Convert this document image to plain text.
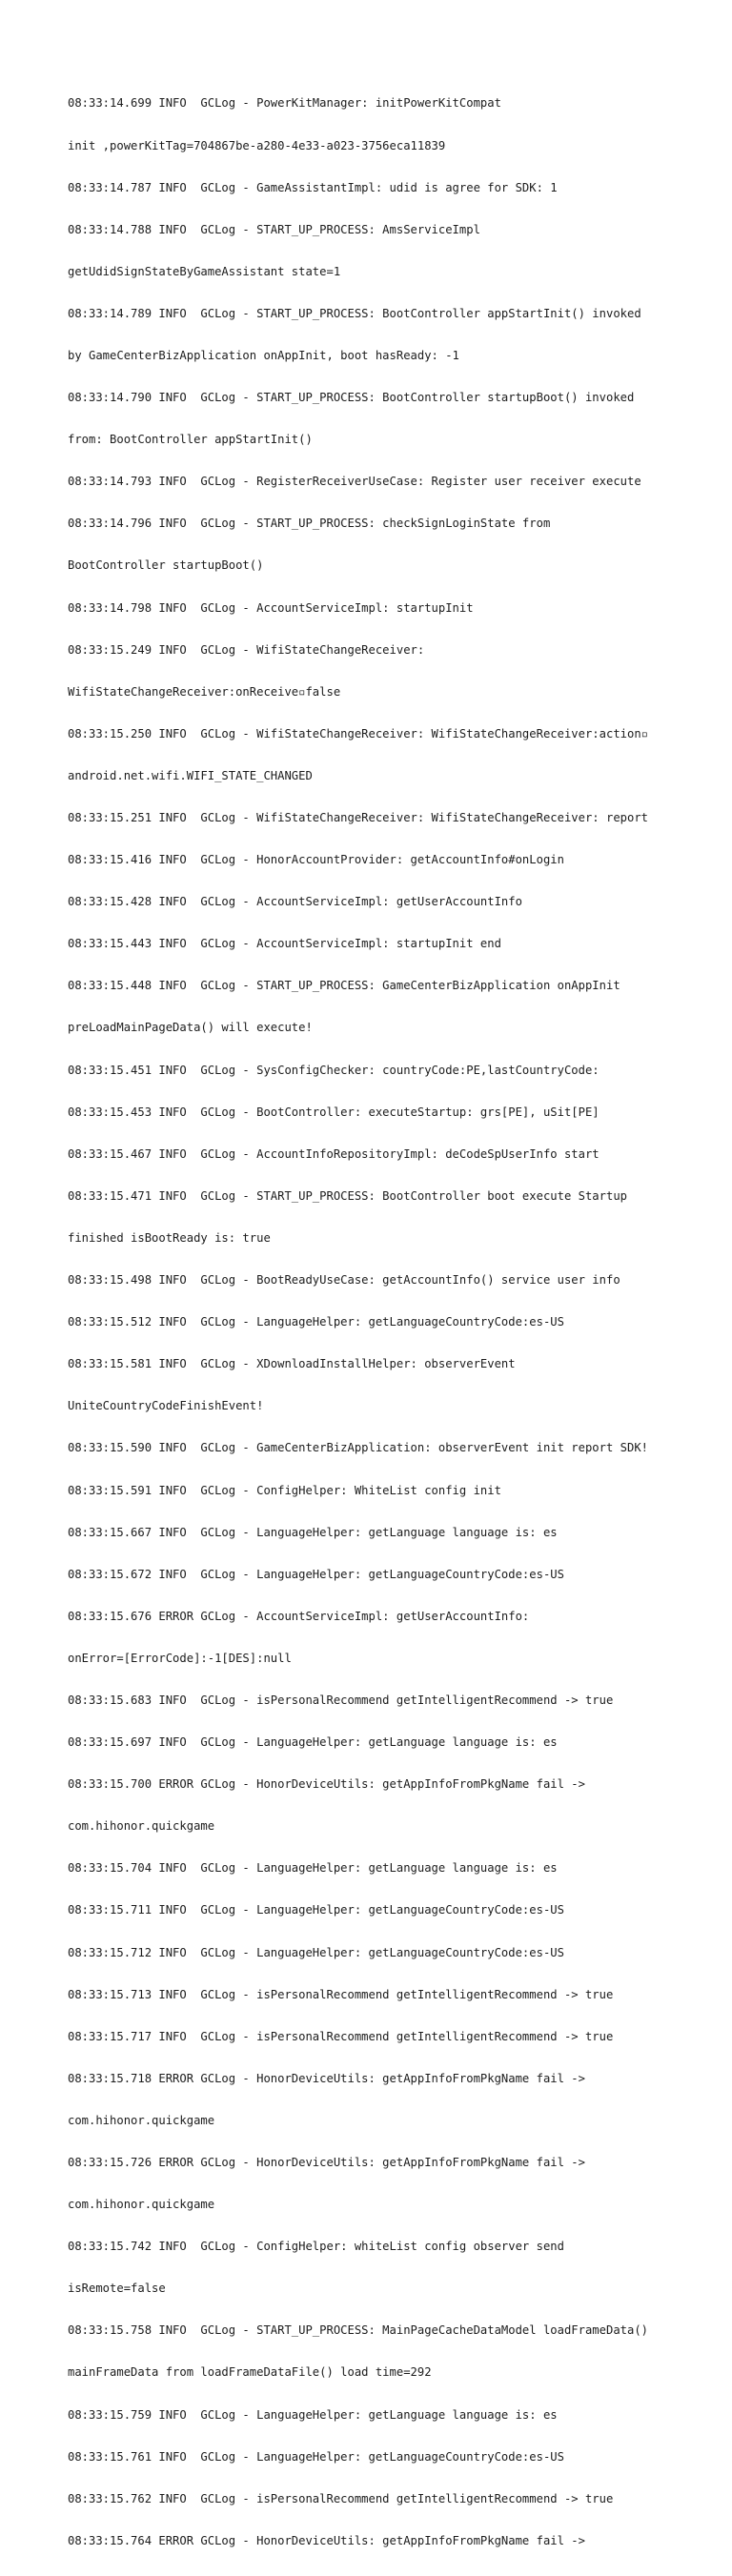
08:33:14.699 INFO  GCLog - PowerKitManager: initPowerKitCompat

init ,powerKitTag=704867be-a280-4e33-a023-3756eca11839

08:33:14.787 INFO  GCLog - GameAssistantImpl: udid is agree for SDK: 1

08:33:14.788 INFO  GCLog - START_UP_PROCESS: AmsServiceImpl

getUdidSignStateByGameAssistant state=1

08:33:14.789 INFO  GCLog - START_UP_PROCESS: BootController appStartInit() invoked

by GameCenterBizApplication onAppInit, boot hasReady: -1

08:33:14.790 INFO  GCLog - START_UP_PROCESS: BootController startupBoot() invoked

from: BootController appStartInit()

08:33:14.793 INFO  GCLog - RegisterReceiverUseCase: Register user receiver execute

08:33:14.796 INFO  GCLog - START_UP_PROCESS: checkSignLoginState from

BootController startupBoot()

08:33:14.798 INFO  GCLog - AccountServiceImpl: startupInit

08:33:15.249 INFO  GCLog - WifiStateChangeReceiver:

WifiStateChangeReceiver:onReceive▫false

08:33:15.250 INFO  GCLog - WifiStateChangeReceiver: WifiStateChangeReceiver:action▫

android.net.wifi.WIFI_STATE_CHANGED

08:33:15.251 INFO  GCLog - WifiStateChangeReceiver: WifiStateChangeReceiver: report

08:33:15.416 INFO  GCLog - HonorAccountProvider: getAccountInfo#onLogin

08:33:15.428 INFO  GCLog - AccountServiceImpl: getUserAccountInfo

08:33:15.443 INFO  GCLog - AccountServiceImpl: startupInit end

08:33:15.448 INFO  GCLog - START_UP_PROCESS: GameCenterBizApplication onAppInit

preLoadMainPageData() will execute!

08:33:15.451 INFO  GCLog - SysConfigChecker: countryCode:PE,lastCountryCode:

08:33:15.453 INFO  GCLog - BootController: executeStartup: grs[PE], uSit[PE]

08:33:15.467 INFO  GCLog - AccountInfoRepositoryImpl: deCodeSpUserInfo start

08:33:15.471 INFO  GCLog - START_UP_PROCESS: BootController boot execute Startup

finished isBootReady is: true

08:33:15.498 INFO  GCLog - BootReadyUseCase: getAccountInfo() service user info

08:33:15.512 INFO  GCLog - LanguageHelper: getLanguageCountryCode:es-US

08:33:15.581 INFO  GCLog - XDownloadInstallHelper: observerEvent

UniteCountryCodeFinishEvent!

08:33:15.590 INFO  GCLog - GameCenterBizApplication: observerEvent init report SDK!

08:33:15.591 INFO  GCLog - ConfigHelper: WhiteList config init

08:33:15.667 INFO  GCLog - LanguageHelper: getLanguage language is: es

08:33:15.672 INFO  GCLog - LanguageHelper: getLanguageCountryCode:es-US

08:33:15.676 ERROR GCLog - AccountServiceImpl: getUserAccountInfo:

onError=[ErrorCode]:-1[DES]:null

08:33:15.683 INFO  GCLog - isPersonalRecommend getIntelligentRecommend -> true

08:33:15.697 INFO  GCLog - LanguageHelper: getLanguage language is: es

08:33:15.700 ERROR GCLog - HonorDeviceUtils: getAppInfoFromPkgName fail ->

com.hihonor.quickgame

08:33:15.704 INFO  GCLog - LanguageHelper: getLanguage language is: es

08:33:15.711 INFO  GCLog - LanguageHelper: getLanguageCountryCode:es-US

08:33:15.712 INFO  GCLog - LanguageHelper: getLanguageCountryCode:es-US

08:33:15.713 INFO  GCLog - isPersonalRecommend getIntelligentRecommend -> true

08:33:15.717 INFO  GCLog - isPersonalRecommend getIntelligentRecommend -> true

08:33:15.718 ERROR GCLog - HonorDeviceUtils: getAppInfoFromPkgName fail ->

com.hihonor.quickgame

08:33:15.726 ERROR GCLog - HonorDeviceUtils: getAppInfoFromPkgName fail ->

com.hihonor.quickgame

08:33:15.742 INFO  GCLog - ConfigHelper: whiteList config observer send

isRemote=false

08:33:15.758 INFO  GCLog - START_UP_PROCESS: MainPageCacheDataModel loadFrameData()

mainFrameData from loadFrameDataFile() load time=292

08:33:15.759 INFO  GCLog - LanguageHelper: getLanguage language is: es

08:33:15.761 INFO  GCLog - LanguageHelper: getLanguageCountryCode:es-US

08:33:15.762 INFO  GCLog - isPersonalRecommend getIntelligentRecommend -> true

08:33:15.764 ERROR GCLog - HonorDeviceUtils: getAppInfoFromPkgName fail ->
